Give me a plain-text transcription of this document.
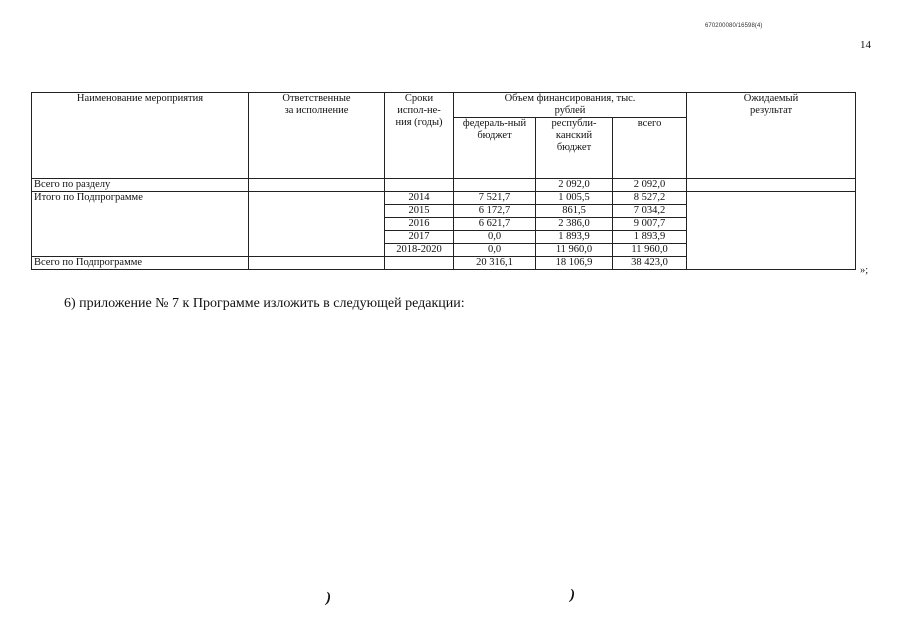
670200080/16598(4)
14
Наименование мероприятия	Ответственные за исполнение	Сроки испол-не-ния (годы)	Объем финансирования, тыс. рублей			Ожидаемый результат

			федераль-ный бюджет	республи-канский бюджет	всего	
Всего по разделу				2 092,0	2 092,0	
Итого по Подпрограмме		2014	7 521,7	1 005,5	8 527,2	
		2015	6 172,7	861,5	7 034,2	
		2016	6 621,7	2 386,0	9 007,7	
		2017	0,0	1 893,9	1 893,9	
		2018-2020	0,0	11 960,0	11 960,0	
Всего по Подпрограмме			20 316,1	18 106,9	38 423,0	
»;
6) приложение № 7 к Программе изложить в следующей редакции:
)	)
